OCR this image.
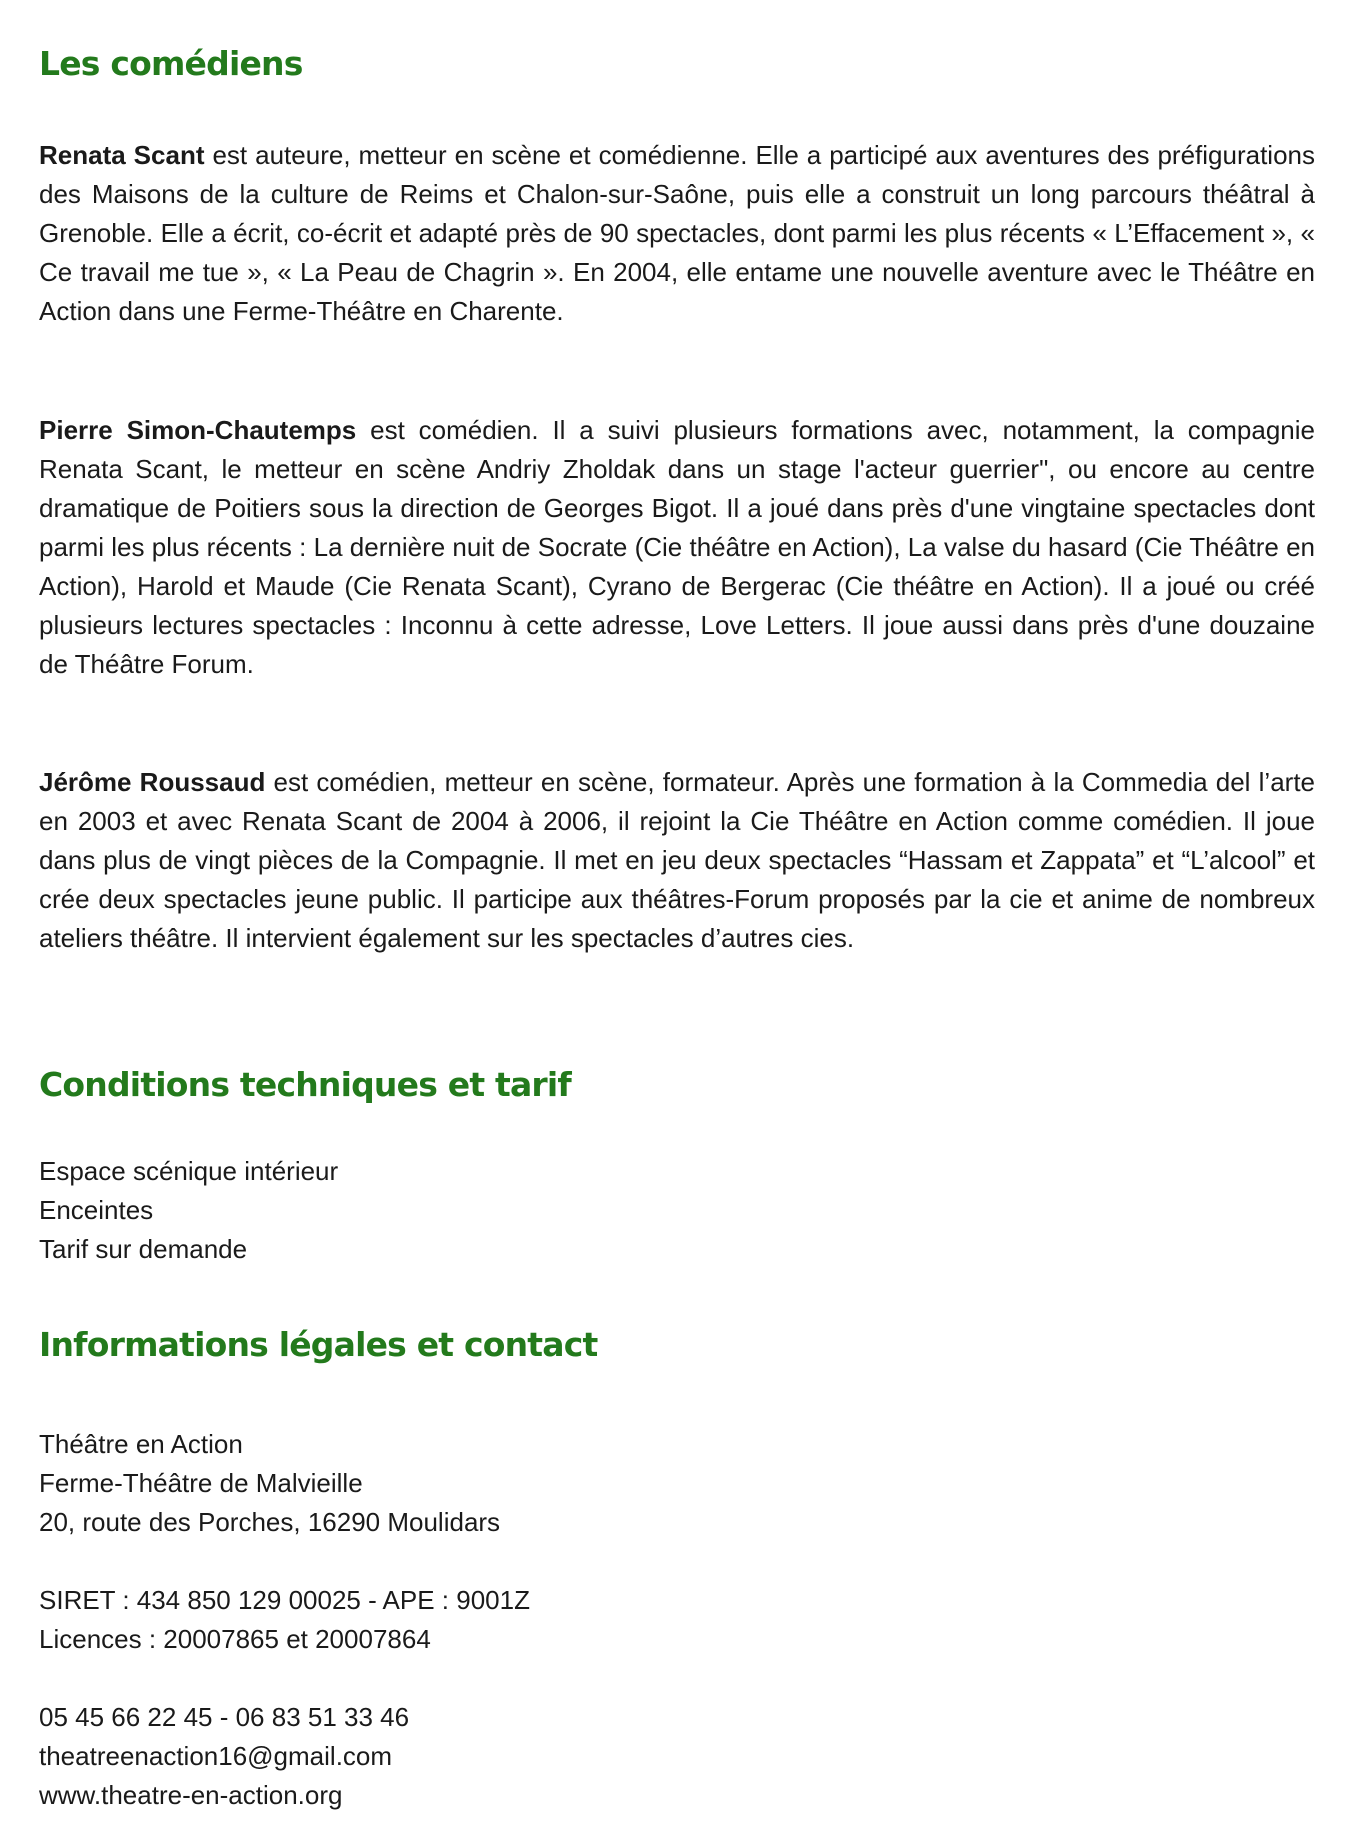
Les comédiens

Renata Scant est auteure, metteur en scène et comédienne. Elle a participé aux aventures des préfigurations des Maisons de la culture de Reims et Chalon-sur-Saône, puis elle a construit un long parcours théâtral à Grenoble. Elle a écrit, co-écrit et adapté près de 90 spectacles, dont parmi les plus récents « L’Effacement », « Ce travail me tue », « La Peau de Chagrin ». En 2004, elle entame une nouvelle aventure avec le Théâtre en Action dans une Ferme-Théâtre en Charente.

Pierre Simon-Chautemps est comédien. Il a suivi plusieurs formations avec, notamment, la compagnie Renata Scant, le metteur en scène Andriy Zholdak dans un stage l'acteur guerrier", ou encore au centre dramatique de Poitiers sous la direction de Georges Bigot. Il a joué dans près d'une vingtaine spectacles dont parmi les plus récents : La dernière nuit de Socrate (Cie théâtre en Action), La valse du hasard (Cie Théâtre en Action), Harold et Maude (Cie Renata Scant), Cyrano de Bergerac (Cie théâtre en Action). Il a joué ou créé plusieurs lectures spectacles : Inconnu à cette adresse, Love Letters. Il joue aussi dans près d'une douzaine de Théâtre Forum.

Jérôme Roussaud est comédien, metteur en scène, formateur. Après une formation à la Commedia del l’arte en 2003 et avec Renata Scant de 2004 à 2006, il rejoint la Cie Théâtre en Action comme comédien. Il joue dans plus de vingt pièces de la Compagnie. Il met en jeu deux spectacles “Hassam et Zappata” et “L’alcool” et crée deux spectacles jeune public. Il participe aux théâtres-Forum proposés par la cie et anime de nombreux ateliers théâtre. Il intervient également sur les spectacles d’autres cies.

Conditions techniques et tarif
Espace scénique intérieur
Enceintes
Tarif sur demande
Informations légales et contact
Théâtre en Action
Ferme-Théâtre de Malvieille
20, route des Porches, 16290 Moulidars
SIRET : 434 850 129 00025 - APE : 9001Z
Licences : 20007865 et 20007864
05 45 66 22 45 - 06 83 51 33 46
theatreenaction16@gmail.com
www.theatre-en-action.org
